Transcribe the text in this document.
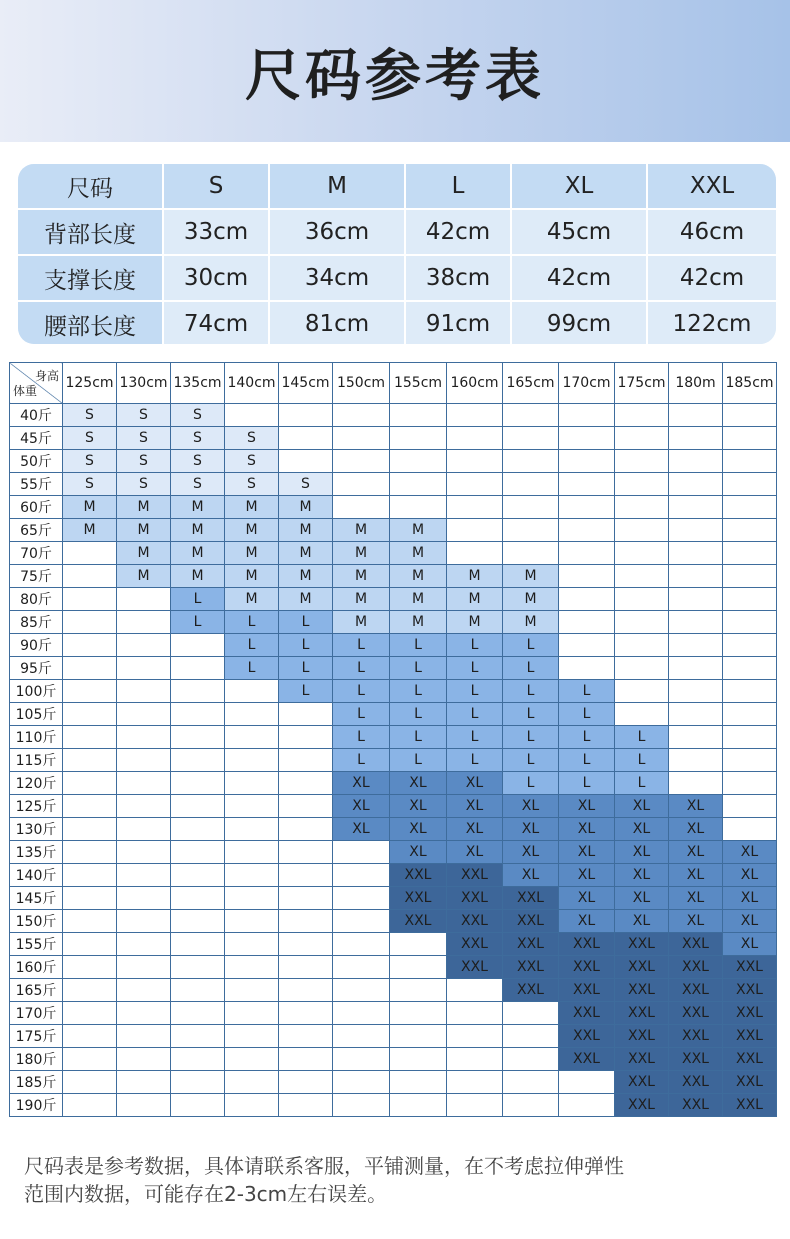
尺码参考表
尺码	S	M	L	XL	XXL
背部长度	33cm	36cm	42cm	45cm	46cm
支撑长度	30cm	34cm	38cm	42cm	42cm
腰部长度	74cm	81cm	91cm	99cm	122cm
身高
体重	125cm	130cm	135cm	140cm	145cm	150cm	155cm	160cm	165cm	170cm	175cm	180m	185cm
40斤	S	S	S										
45斤	S	S	S	S									
50斤	S	S	S	S									
55斤	S	S	S	S	S								
60斤	M	M	M	M	M								
65斤	M	M	M	M	M	M	M						
70斤		M	M	M	M	M	M						
75斤		M	M	M	M	M	M	M	M				
80斤			L	M	M	M	M	M	M				
85斤			L	L	L	M	M	M	M				
90斤				L	L	L	L	L	L				
95斤				L	L	L	L	L	L				
100斤					L	L	L	L	L	L			
105斤						L	L	L	L	L			
110斤						L	L	L	L	L	L		
115斤						L	L	L	L	L	L		
120斤						XL	XL	XL	L	L	L		
125斤						XL	XL	XL	XL	XL	XL	XL	
130斤						XL	XL	XL	XL	XL	XL	XL	
135斤							XL	XL	XL	XL	XL	XL	XL
140斤							XXL	XXL	XL	XL	XL	XL	XL
145斤							XXL	XXL	XXL	XL	XL	XL	XL
150斤							XXL	XXL	XXL	XL	XL	XL	XL
155斤								XXL	XXL	XXL	XXL	XXL	XL
160斤								XXL	XXL	XXL	XXL	XXL	XXL
165斤									XXL	XXL	XXL	XXL	XXL
170斤										XXL	XXL	XXL	XXL
175斤										XXL	XXL	XXL	XXL
180斤										XXL	XXL	XXL	XXL
185斤											XXL	XXL	XXL
190斤											XXL	XXL	XXL
尺码表是参考数据，具体请联系客服，平铺测量，在不考虑拉伸弹性
范围内数据，可能存在2-3cm左右误差。
